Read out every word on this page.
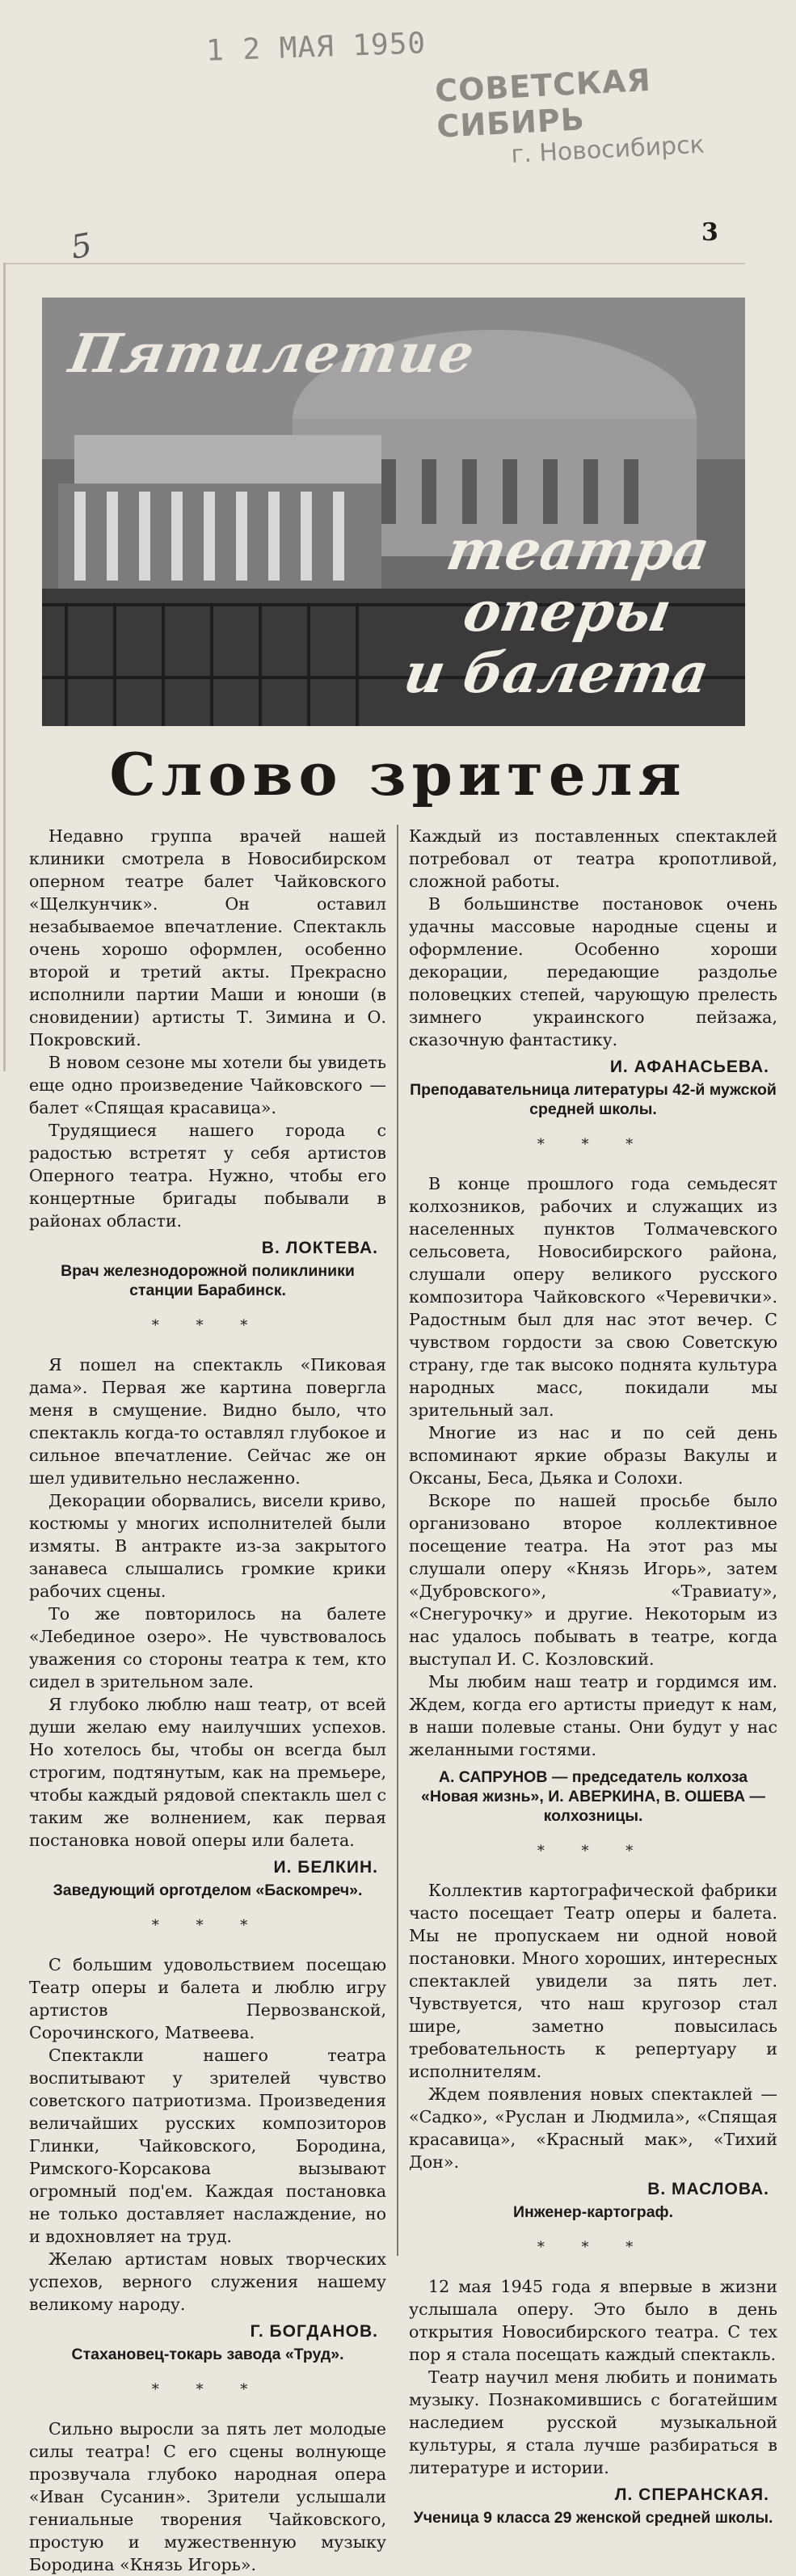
1 2 МАЯ 1950
СОВЕТСКАЯ СИБИРЬ
г. Новосибирск
3
5
Пятилетие
театра
оперы
и балета
Слово зрителя

Недавно группа врачей нашей клиники смотрела в Новосибирском оперном театре балет Чайковского «Щелкунчик». Он оставил незабываемое впечатление. Спектакль очень хорошо оформлен, особенно второй и третий акты. Прекрасно исполнили партии Маши и юноши (в сновидении) артисты Т. Зимина и О. Покровский.

В новом сезоне мы хотели бы увидеть еще одно произведение Чайковского — балет «Спящая красавица».

Трудящиеся нашего города с радостью встретят у себя артистов Оперного театра. Нужно, чтобы его концертные бригады побывали в районах области.

В. ЛОКТЕВА.
Врач железнодорожной поликлиники станции Барабинск.
* * *

Я пошел на спектакль «Пиковая дама». Первая же картина повергла меня в смущение. Видно было, что спектакль когда-то оставлял глубокое и сильное впечатление. Сейчас же он шел удивительно неслаженно.

Декорации оборвались, висели криво, костюмы у многих исполнителей были измяты. В антракте из-за закрытого занавеса слышались громкие крики рабочих сцены.

То же повторилось на балете «Лебединое озеро». Не чувствовалось уважения со стороны театра к тем, кто сидел в зрительном зале.

Я глубоко люблю наш театр, от всей души желаю ему наилучших успехов. Но хотелось бы, чтобы он всегда был строгим, подтянутым, как на премьере, чтобы каждый рядовой спектакль шел с таким же волнением, как первая постановка новой оперы или балета.

И. БЕЛКИН.
Заведующий орготделом «Баскомреч».
* * *

С большим удовольствием посещаю Театр оперы и балета и люблю игру артистов Первозванской, Сорочинского, Матвеева.

Спектакли нашего театра воспитывают у зрителей чувство советского патриотизма. Произведения величайших русских композиторов Глинки, Чайковского, Бородина, Римского-Корсакова вызывают огромный под'ем. Каждая постановка не только доставляет наслаждение, но и вдохновляет на труд.

Желаю артистам новых творческих успехов, верного служения нашему великому народу.

Г. БОГДАНОВ.
Стахановец-токарь завода «Труд».
* * *

Сильно выросли за пять лет молодые силы театра! С его сцены волнующе прозвучала глубоко народная опера «Иван Сусанин». Зрители услышали гениальные творения Чайковского, простую и мужественную музыку Бородина «Князь Игорь».

Каждый из поставленных спектаклей потребовал от театра кропотливой, сложной работы.

В большинстве постановок очень удачны массовые народные сцены и оформление. Особенно хороши декорации, передающие раздолье половецких степей, чарующую прелесть зимнего украинского пейзажа, сказочную фантастику.

И. АФАНАСЬЕВА.
Преподавательница литературы 42-й мужской средней школы.
* * *

В конце прошлого года семьдесят колхозников, рабочих и служащих из населенных пунктов Толмачевского сельсовета, Новосибирского района, слушали оперу великого русского композитора Чайковского «Черевички». Радостным был для нас этот вечер. С чувством гордости за свою Советскую страну, где так высоко поднята культура народных масс, покидали мы зрительный зал.

Многие из нас и по сей день вспоминают яркие образы Вакулы и Оксаны, Беса, Дьяка и Солохи.

Вскоре по нашей просьбе было организовано второе коллективное посещение театра. На этот раз мы слушали оперу «Князь Игорь», затем «Дубровского», «Травиату», «Снегурочку» и другие. Некоторым из нас удалось побывать в театре, когда выступал И. С. Козловский.

Мы любим наш театр и гордимся им. Ждем, когда его артисты приедут к нам, в наши полевые станы. Они будут у нас желанными гостями.

А. САПРУНОВ — председатель колхоза «Новая жизнь», И. АВЕРКИНА, В. ОШЕВА — колхозницы.
* * *

Коллектив картографической фабрики часто посещает Театр оперы и балета. Мы не пропускаем ни одной новой постановки. Много хороших, интересных спектаклей увидели за пять лет. Чувствуется, что наш кругозор стал шире, заметно повысилась требовательность к репертуару и исполнителям.

Ждем появления новых спектаклей — «Садко», «Руслан и Людмила», «Спящая красавица», «Красный мак», «Тихий Дон».

В. МАСЛОВА.
Инженер-картограф.
* * *

12 мая 1945 года я впервые в жизни услышала оперу. Это было в день открытия Новосибирского театра. С тех пор я стала посещать каждый спектакль.

Театр научил меня любить и понимать музыку. Познакомившись с богатейшим наследием русской музыкальной культуры, я стала лучше разбираться в литературе и истории.

Л. СПЕРАНСКАЯ.
Ученица 9 класса 29 женской средней школы.
